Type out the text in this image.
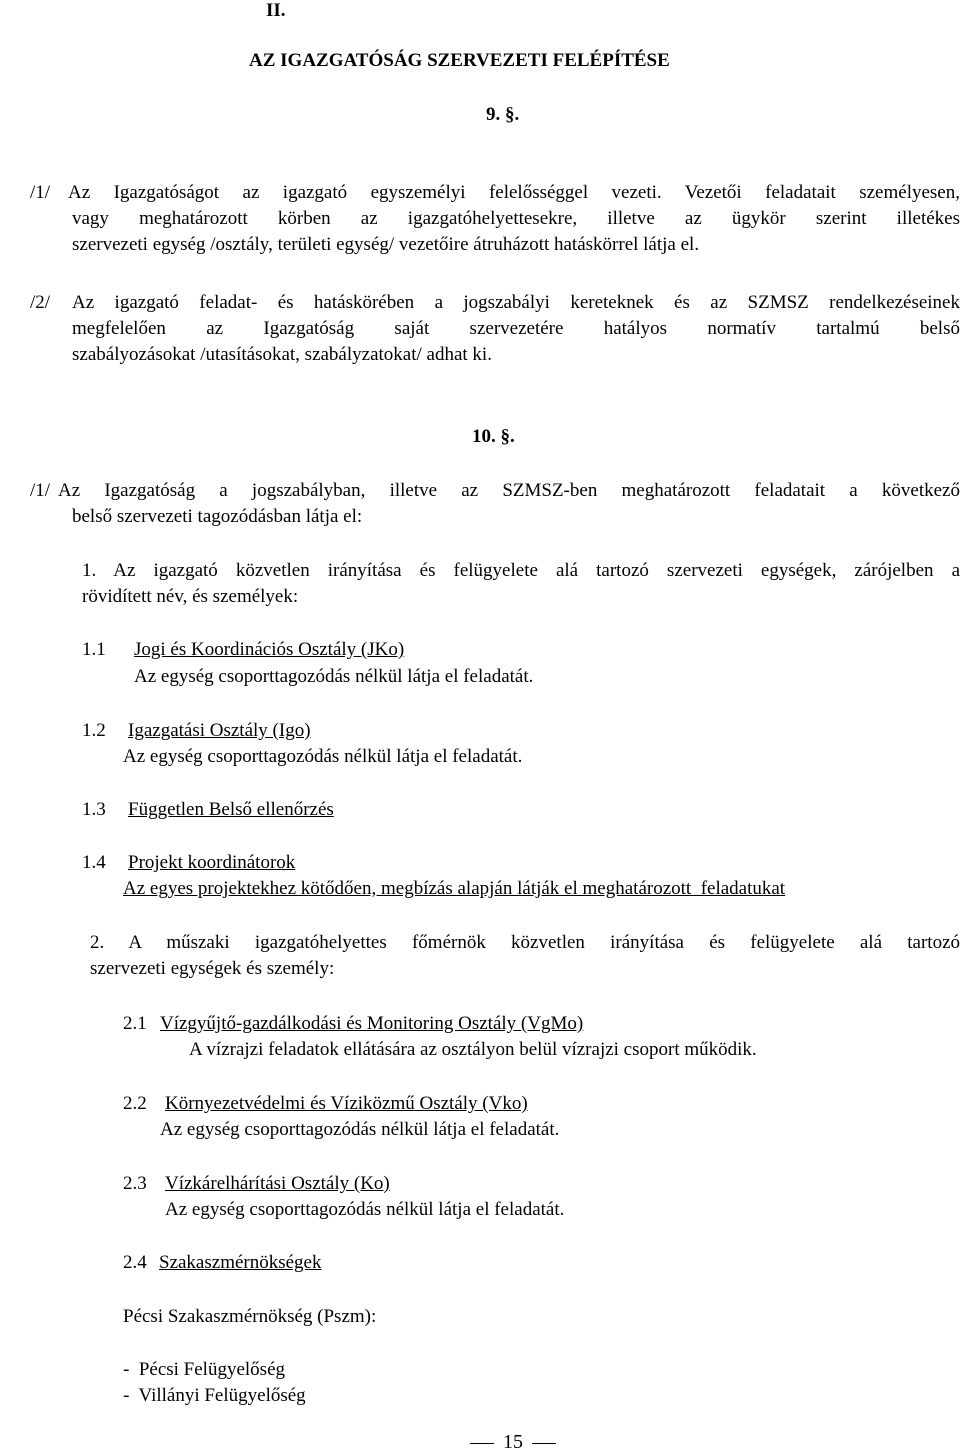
II.
AZ IGAZGATÓSÁG SZERVEZETI FELÉPÍTÉSE
9. §.
/1/ Az Igazgatóságot az igazgató egyszemélyi felelősséggel vezeti. Vezetői feladatait személyesen,
vagy meghatározott körben az igazgatóhelyettesekre, illetve az ügykör szerint illetékes
szervezeti egység /osztály, területi egység/ vezetőire átruházott hatáskörrel látja el.
/2/ Az igazgató feladat- és hatáskörében a jogszabályi kereteknek és az SZMSZ rendelkezéseinek
megfelelően az Igazgatóság saját szervezetére hatályos normatív tartalmú belső
szabályozásokat /utasításokat, szabályzatokat/ adhat ki.
10. §.
/1/ Az Igazgatóság a jogszabályban, illetve az SZMSZ-ben meghatározott feladatait a következő
belső szervezeti tagozódásban látja el:
1. Az igazgató közvetlen irányítása és felügyelete alá tartozó szervezeti egységek, zárójelben a
rövidített név, és személyek:
1.1 Jogi és Koordinációs Osztály (JKo)
Az egység csoporttagozódás nélkül látja el feladatát.
1.2 Igazgatási Osztály (Igo)
Az egység csoporttagozódás nélkül látja el feladatát.
1.3 Független Belső ellenőrzés
1.4 Projekt koordinátorok
Az egyes projektekhez kötődően, megbízás alapján látják el meghatározott  feladatukat
2. A műszaki igazgatóhelyettes főmérnök közvetlen irányítása és felügyelete alá tartozó
szervezeti egységek és személy:
2.1 Vízgyűjtő-gazdálkodási és Monitoring Osztály (VgMo)
A vízrajzi feladatok ellátására az osztályon belül vízrajzi csoport működik.
2.2 Környezetvédelmi és Víziközmű Osztály (Vko)
Az egység csoporttagozódás nélkül látja el feladatát.
2.3 Vízkárelhárítási Osztály (Ko)
Az egység csoporttagozódás nélkül látja el feladatát.
2.4 Szakaszmérnökségek
Pécsi Szakaszmérnökség (Pszm):
-  Pécsi Felügyelőség
-  Villányi Felügyelőség
15
